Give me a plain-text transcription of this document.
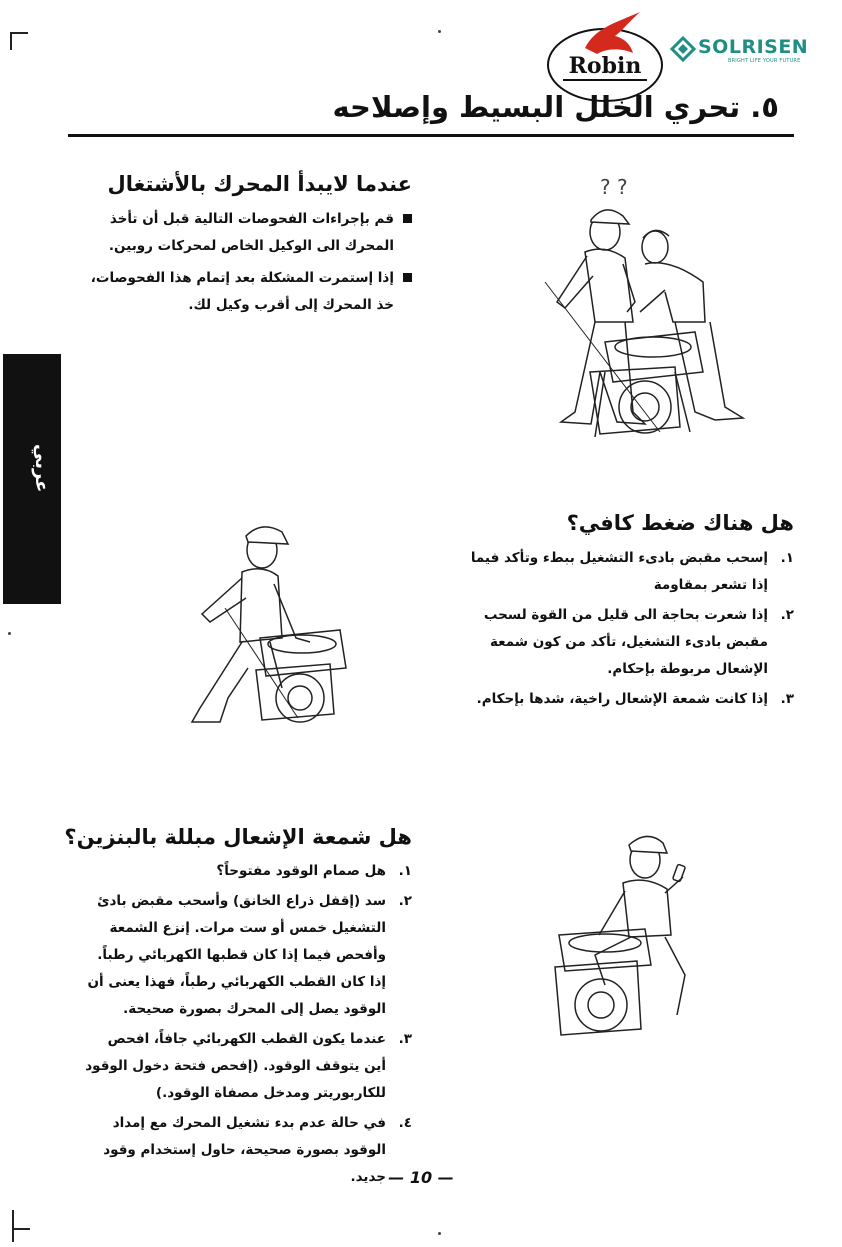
Robin
SOLRISEN
BRIGHT LIFE YOUR FUTURE
٥. تحري الخلل البسيط وإصلاحه
عربي
عندما لايبدأ المحرك بالأشتغال
قم بإجراءات الفحوصات التالية قبل أن تأخذ المحرك الى الوكيل الخاص لمحركات روبين.
إذا إستمرت المشكلة بعد إتمام هذا الفحوصات، خذ المحرك إلى أقرب وكيل لك.
? ?
هل هناك ضغط كافي؟
١.
إسحب مقبض بادىء التشغيل ببطء وتأكد فيما إذا تشعر بمقاومة
٢.
إذا شعرت بحاجة الى قليل من القوة لسحب مقبض بادىء التشغيل، تأكد من كون شمعة الإشعال مربوطة بإحكام.
٣.
إذا كانت شمعة الإشعال راخية، شدها بإحكام.
هل شمعة الإشعال مبللة بالبنزين؟
١.
هل صمام الوقود مفتوحاً؟
٢.
سد (إقفل ذراع الخانق) وأسحب مقبض بادئ التشغيل خمس أو ست مرات. إنزع الشمعة وأفحص فيما إذا كان قطبها الكهربائي رطباً. إذا كان القطب الكهربائي رطباً، فهذا يعنى أن الوقود يصل إلى المحرك بصورة صحيحة.
٣.
عندما يكون القطب الكهربائي جافاً، افحص أين يتوقف الوقود. (إفحص فتحة دخول الوقود للكاربوريتر ومدخل مصفاة الوقود.)
٤.
في حالة عدم بدء تشغيل المحرك مع إمداد الوقود بصورة صحيحة، حاول إستخدام وقود جديد. — 10 —
